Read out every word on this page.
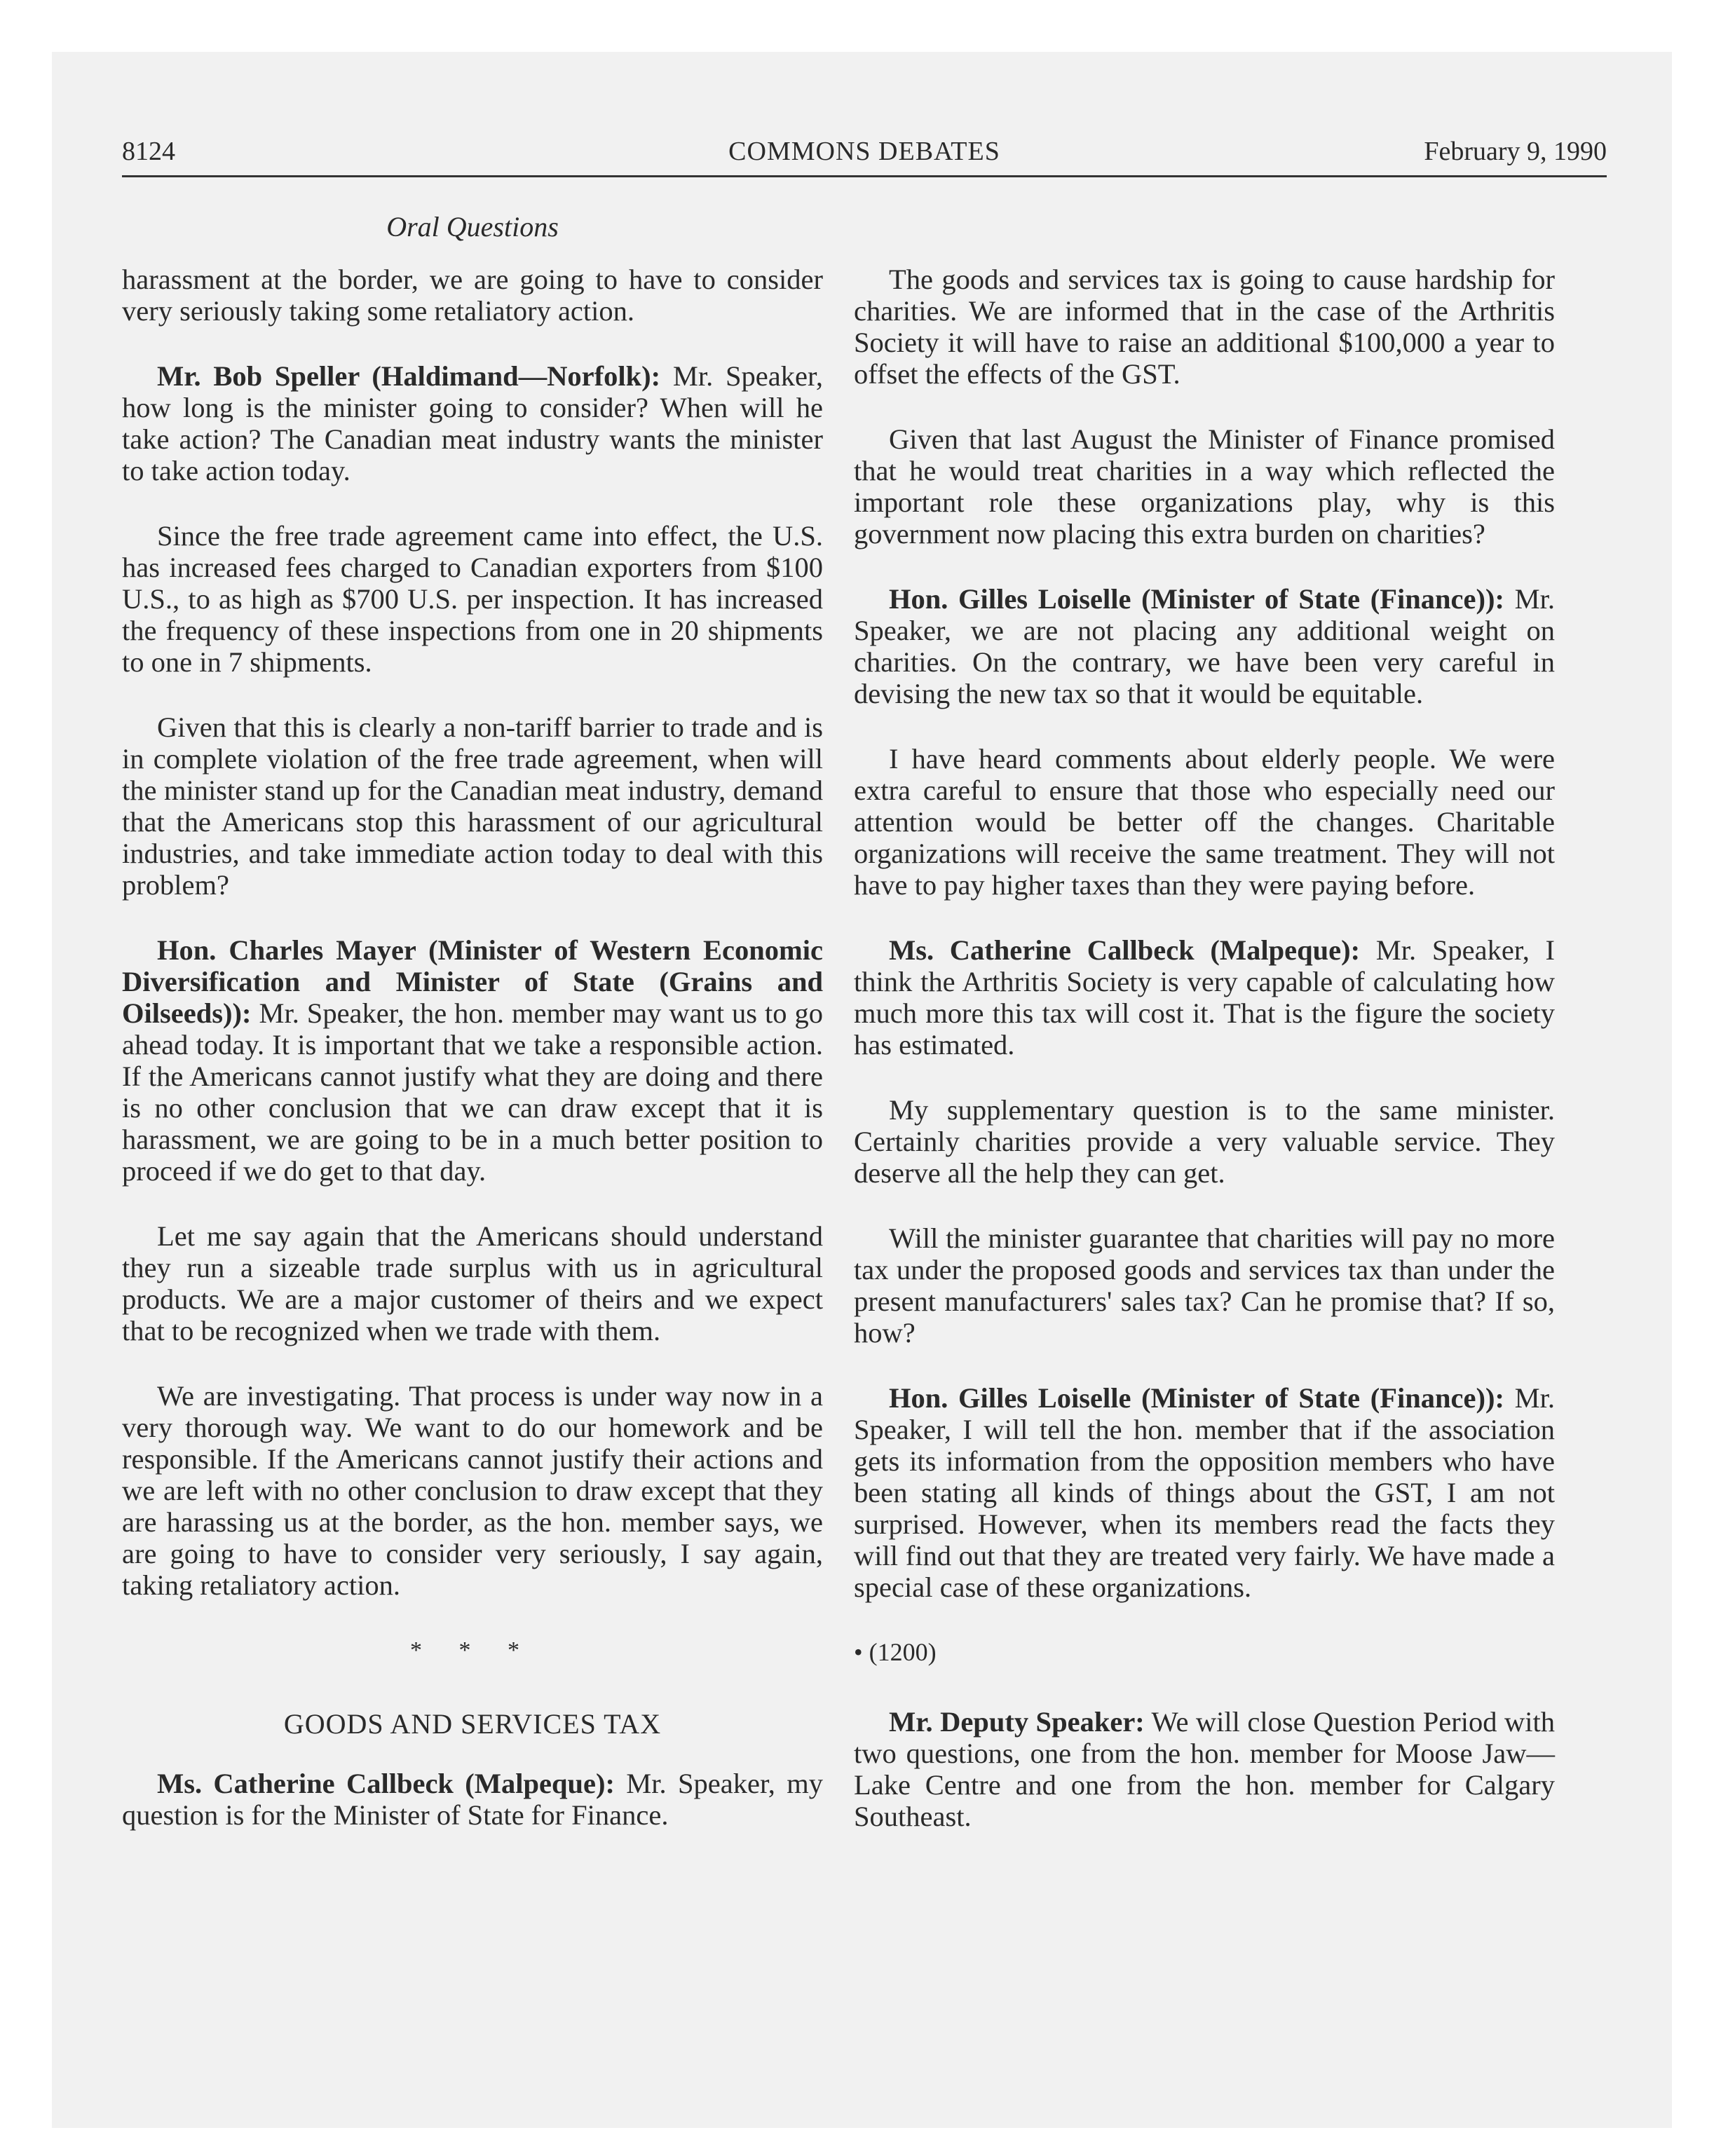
COMMONS DEBATES
8124	February 9, 1990
Oral Questions

harassment at the border, we are going to have to consider very seriously taking some retaliatory action.

Mr. Bob Speller (Haldimand—Norfolk): Mr. Speaker, how long is the minister going to consider? When will he take action? The Canadian meat industry wants the minister to take action today.

Since the free trade agreement came into effect, the U.S. has increased fees charged to Canadian exporters from $100 U.S., to as high as $700 U.S. per inspection. It has increased the frequency of these inspections from one in 20 shipments to one in 7 shipments.

Given that this is clearly a non-tariff barrier to trade and is in complete violation of the free trade agreement, when will the minister stand up for the Canadian meat industry, demand that the Americans stop this harassment of our agricultural industries, and take immediate action today to deal with this problem?

Hon. Charles Mayer (Minister of Western Economic Diversification and Minister of State (Grains and Oilseeds)): Mr. Speaker, the hon. member may want us to go ahead today. It is important that we take a responsible action. If the Americans cannot justify what they are doing and there is no other conclusion that we can draw except that it is harassment, we are going to be in a much better position to proceed if we do get to that day.

Let me say again that the Americans should understand they run a sizeable trade surplus with us in agricultural products. We are a major customer of theirs and we expect that to be recognized when we trade with them.

We are investigating. That process is under way now in a very thorough way. We want to do our homework and be responsible. If the Americans cannot justify their actions and we are left with no other conclusion to draw except that they are harassing us at the border, as the hon. member says, we are going to have to consider very seriously, I say again, taking retaliatory action.

* * *
GOODS AND SERVICES TAX

Ms. Catherine Callbeck (Malpeque): Mr. Speaker, my question is for the Minister of State for Finance.

The goods and services tax is going to cause hardship for charities. We are informed that in the case of the Arthritis Society it will have to raise an additional $100,000 a year to offset the effects of the GST.

Given that last August the Minister of Finance promised that he would treat charities in a way which reflected the important role these organizations play, why is this government now placing this extra burden on charities?

Hon. Gilles Loiselle (Minister of State (Finance)): Mr. Speaker, we are not placing any additional weight on charities. On the contrary, we have been very careful in devising the new tax so that it would be equitable.

I have heard comments about elderly people. We were extra careful to ensure that those who especially need our attention would be better off the changes. Charitable organizations will receive the same treatment. They will not have to pay higher taxes than they were paying before.

Ms. Catherine Callbeck (Malpeque): Mr. Speaker, I think the Arthritis Society is very capable of calculating how much more this tax will cost it. That is the figure the society has estimated.

My supplementary question is to the same minister. Certainly charities provide a very valuable service. They deserve all the help they can get.

Will the minister guarantee that charities will pay no more tax under the proposed goods and services tax than under the present manufacturers' sales tax? Can he promise that? If so, how?

Hon. Gilles Loiselle (Minister of State (Finance)): Mr. Speaker, I will tell the hon. member that if the association gets its information from the opposition members who have been stating all kinds of things about the GST, I am not surprised. However, when its members read the facts they will find out that they are treated very fairly. We have made a special case of these organizations.

• (1200)

Mr. Deputy Speaker: We will close Question Period with two questions, one from the hon. member for Moose Jaw—Lake Centre and one from the hon. member for Calgary Southeast.
